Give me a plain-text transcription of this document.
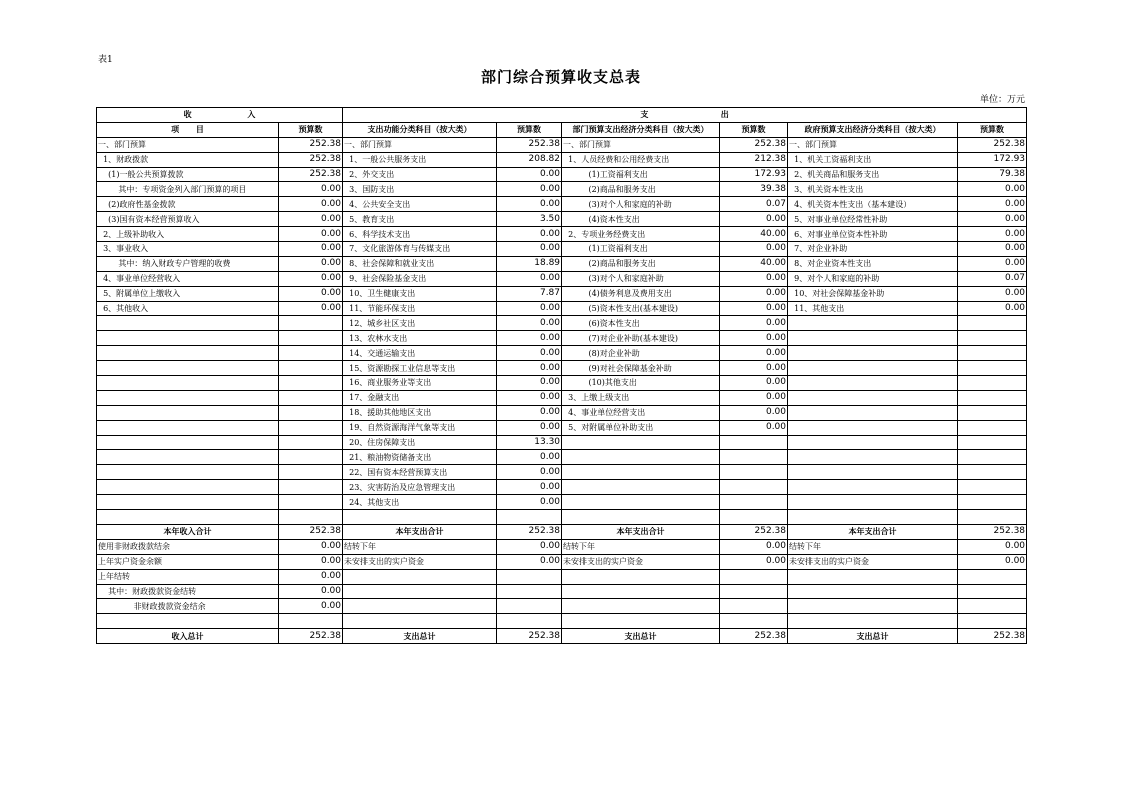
表1
部门综合预算收支总表
单位：万元
收                    入		支                          出					
项      目	预算数	支出功能分类科目（按大类）	预算数	部门预算支出经济分类科目（按大类）	预算数	政府预算支出经济分类科目（按大类）	预算数
一、部门预算	252.38	一、部门预算	252.38	一、部门预算	252.38	一、部门预算	252.38
1、财政拨款	252.38	1、一般公共服务支出	208.82	1、人员经费和公用经费支出	212.38	1、机关工资福利支出	172.93
(1)一般公共预算拨款	252.38	2、外交支出	0.00	(1)工资福利支出	172.93	2、机关商品和服务支出	79.38
其中：专项资金列入部门预算的项目	0.00	3、国防支出	0.00	(2)商品和服务支出	39.38	3、机关资本性支出	0.00
(2)政府性基金拨款	0.00	4、公共安全支出	0.00	(3)对个人和家庭的补助	0.07	4、机关资本性支出（基本建设）	0.00
(3)国有资本经营预算收入	0.00	5、教育支出	3.50	(4)资本性支出	0.00	5、对事业单位经常性补助	0.00
2、上级补助收入	0.00	6、科学技术支出	0.00	2、专项业务经费支出	40.00	6、对事业单位资本性补助	0.00
3、事业收入	0.00	7、文化旅游体育与传媒支出	0.00	(1)工资福利支出	0.00	7、对企业补助	0.00
其中：纳入财政专户管理的收费	0.00	8、社会保障和就业支出	18.89	(2)商品和服务支出	40.00	8、对企业资本性支出	0.00
4、事业单位经营收入	0.00	9、社会保险基金支出	0.00	(3)对个人和家庭补助	0.00	9、对个人和家庭的补助	0.07
5、附属单位上缴收入	0.00	10、卫生健康支出	7.87	(4)债务利息及费用支出	0.00	10、对社会保障基金补助	0.00
6、其他收入	0.00	11、节能环保支出	0.00	(5)资本性支出(基本建设)	0.00	11、其他支出	0.00
		12、城乡社区支出	0.00	(6)资本性支出	0.00		
		13、农林水支出	0.00	(7)对企业补助(基本建设)	0.00		
		14、交通运输支出	0.00	(8)对企业补助	0.00		
		15、资源勘探工业信息等支出	0.00	(9)对社会保障基金补助	0.00		
		16、商业服务业等支出	0.00	(10)其他支出	0.00		
		17、金融支出	0.00	3、上缴上级支出	0.00		
		18、援助其他地区支出	0.00	4、事业单位经营支出	0.00		
		19、自然资源海洋气象等支出	0.00	5、对附属单位补助支出	0.00		
		20、住房保障支出	13.30				
		21、粮油物资储备支出	0.00				
		22、国有资本经营预算支出	0.00				
		23、灾害防治及应急管理支出	0.00				
		24、其他支出	0.00				

本年收入合计	252.38	本年支出合计	252.38	本年支出合计	252.38	本年支出合计	252.38
使用非财政拨款结余	0.00	结转下年	0.00	结转下年	0.00	结转下年	0.00
上年实户资金余额	0.00	未安排支出的实户资金	0.00	未安排支出的实户资金	0.00	未安排支出的实户资金	0.00
上年结转	0.00						
其中：财政拨款资金结转	0.00						
非财政拨款资金结余	0.00						

收入总计	252.38	支出总计	252.38	支出总计	252.38	支出总计	252.38
